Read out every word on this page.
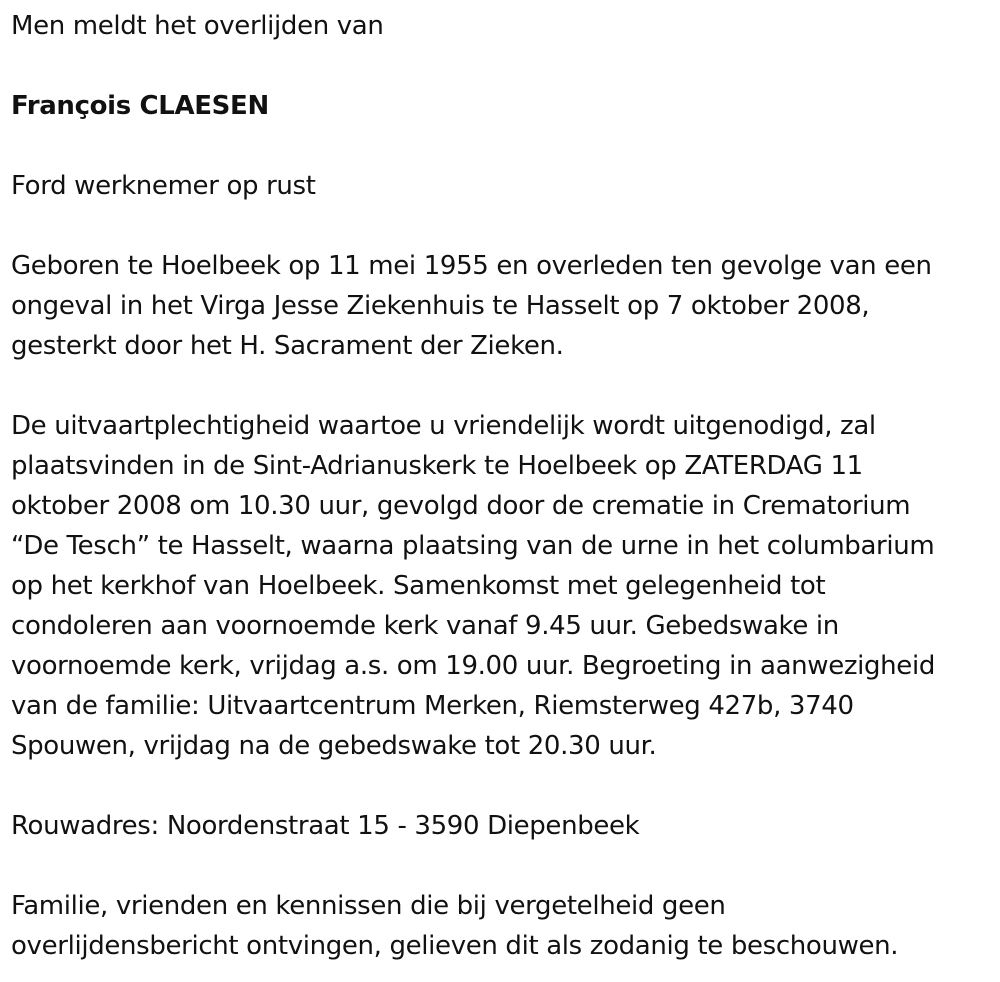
Men meldt het overlijden van

François CLAESEN

Ford werknemer op rust

Geboren te Hoelbeek op 11 mei 1955 en overleden ten gevolge van een
ongeval in het Virga Jesse Ziekenhuis te Hasselt op 7 oktober 2008,
gesterkt door het H. Sacrament der Zieken.

De uitvaartplechtigheid waartoe u vriendelijk wordt uitgenodigd, zal
plaatsvinden in de Sint-Adrianuskerk te Hoelbeek op ZATERDAG 11
oktober 2008 om 10.30 uur, gevolgd door de crematie in Crematorium
“De Tesch” te Hasselt, waarna plaatsing van de urne in het columbarium
op het kerkhof van Hoelbeek. Samenkomst met gelegenheid tot
condoleren aan voornoemde kerk vanaf 9.45 uur. Gebedswake in
voornoemde kerk, vrijdag a.s. om 19.00 uur. Begroeting in aanwezigheid
van de familie: Uitvaartcentrum Merken, Riemsterweg 427b, 3740
Spouwen, vrijdag na de gebedswake tot 20.30 uur.

Rouwadres: Noordenstraat 15 - 3590 Diepenbeek

Familie, vrienden en kennissen die bij vergetelheid geen
overlijdensbericht ontvingen, gelieven dit als zodanig te beschouwen.
